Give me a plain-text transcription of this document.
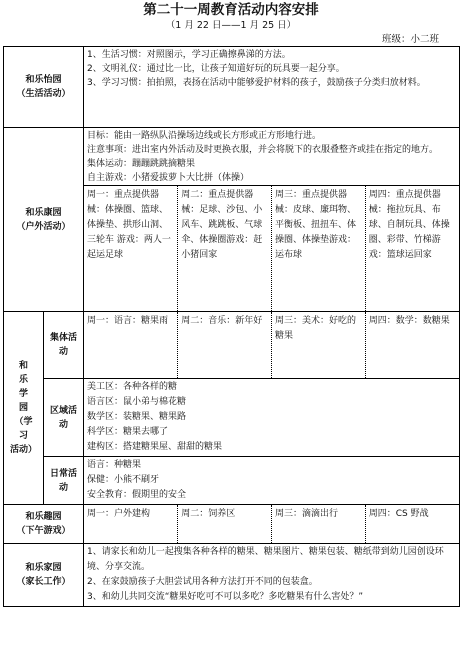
第二十一周教育活动内容安排
（1 月 22 日——1 月 25 日）
班级：小二班
和乐怡园
（生活活动）

1、生活习惯：对照图示，学习正确擦鼻涕的方法。
2、文明礼仪：通过比一比，让孩子知道好玩的玩具要一起分享。
3、学习习惯：拍拍照，表扬在活动中能够爱护材料的孩子，鼓励孩子分类归放材料。

和乐康园
（户外活动）

目标：能由一路纵队沿操场边线或长方形或正方形地行进。
注意事项：进出室内外活动及时更换衣服，并会将脱下的衣服叠整齐或挂在指定的地方。
集体运动：蹦蹦跳跳摘糖果
自主游戏：小猪爱拔萝卜大比拼（体操）
周一：重点提供器械：体操圈、篮球、体操垫、拱形山洞、三轮车 游戏：两人一起运足球	周二：重点提供器械：足球、沙包、小风车、跳跳板、气球伞、体操圈游戏：赶小猪回家	周三：重点提供器械：皮球、廉珥物、平衡板、扭扭车、体操圈、体操垫游戏：运布球	周四：重点提供器械：拖拉玩具、布球、自制玩具、体操圈、彩带、竹梯游戏：篮球运回家

和
乐
学
园
（学
习
活动）
	集体活动	
周一：语言：糖果雨	周二：音乐：新年好	周三：美术：好吃的糖果	周四：数学：数糖果

区域活动	
美工区：各种各样的糖
语言区：鼠小弟与棉花糖
数学区：装糖果、糖果路
科学区：糖果去哪了
建构区：搭建糖果屋、甜甜的糖果

日常活动	
语言：种糖果
保健：小熊不刷牙
安全教育：假期里的安全

和乐趣园
（下午游戏）

周一：户外建构	周二：饲养区	周三：滴滴出行	周四：CS 野战

和乐家园
（家长工作）

1、请家长和幼儿一起搜集各种各样的糖果、糖果图片、糖果包装、糖纸带到幼儿园创设环境、分享交流。
2、在家鼓励孩子大胆尝试用各种方法打开不同的包装盒。
3、和幼儿共同交流“糖果好吃可不可以多吃？多吃糖果有什么害处？”
